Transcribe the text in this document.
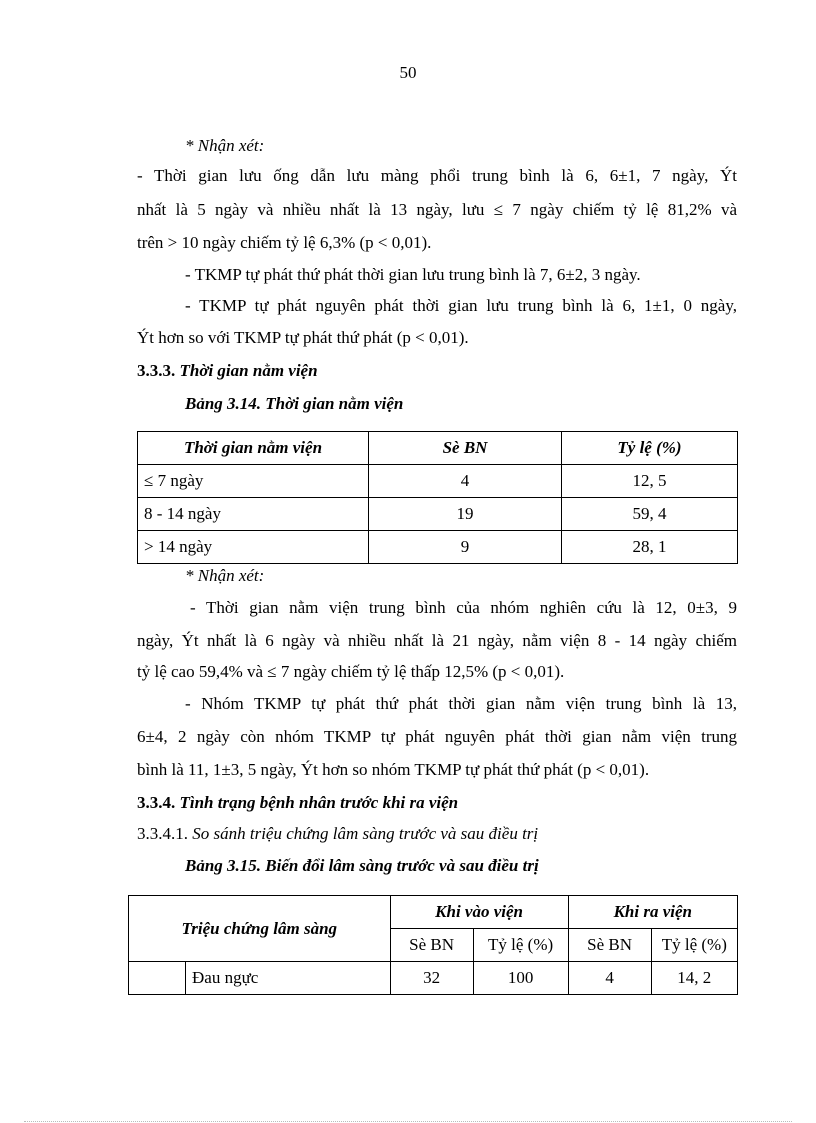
50
* Nhận xét:
- Thời gian lưu ống dẫn lưu màng phổi trung bình là 6, 6±1, 7 ngày, Ýt
nhất là 5 ngày và nhiều nhất là 13 ngày, lưu ≤ 7 ngày chiếm tỷ lệ 81,2% và
trên > 10 ngày chiếm tỷ lệ 6,3% (p < 0,01).
- TKMP tự phát thứ phát thời gian lưu trung bình là 7, 6±2, 3 ngày.
- TKMP tự phát nguyên phát thời gian lưu trung bình là 6, 1±1, 0 ngày,
Ýt hơn so với TKMP tự phát thứ phát (p < 0,01).
3.3.3. Thời gian nằm viện
Bảng 3.14. Thời gian nằm viện
Thời gian nằm viện	Sè BN	Tỷ lệ (%)
≤ 7 ngày	4	12, 5
8 - 14 ngày	19	59, 4
> 14 ngày	9	28, 1
* Nhận xét:
- Thời gian nằm viện trung bình của nhóm nghiên cứu là 12, 0±3, 9
ngày, Ýt nhất là 6 ngày và nhiều nhất là 21 ngày, nằm viện 8 - 14 ngày chiếm
tỷ lệ cao 59,4% và ≤ 7 ngày chiếm tỷ lệ thấp 12,5% (p < 0,01).
- Nhóm TKMP tự phát thứ phát thời gian nằm viện trung bình là 13,
6±4, 2 ngày còn nhóm TKMP tự phát nguyên phát thời gian nằm viện trung
bình là 11, 1±3, 5 ngày, Ýt hơn so nhóm TKMP tự phát thứ phát (p < 0,01).
3.3.4. Tình trạng bệnh nhân trước khi ra viện
3.3.4.1. So sánh triệu chứng lâm sàng trước và sau điều trị
Bảng 3.15. Biến đổi lâm sàng trước và sau điều trị
Triệu chứng lâm sàng		Khi vào viện		Khi ra viện	
		Sè BN	Tỷ lệ (%)	Sè BN	Tỷ lệ (%)
	Đau ngực	32	100	4	14, 2
